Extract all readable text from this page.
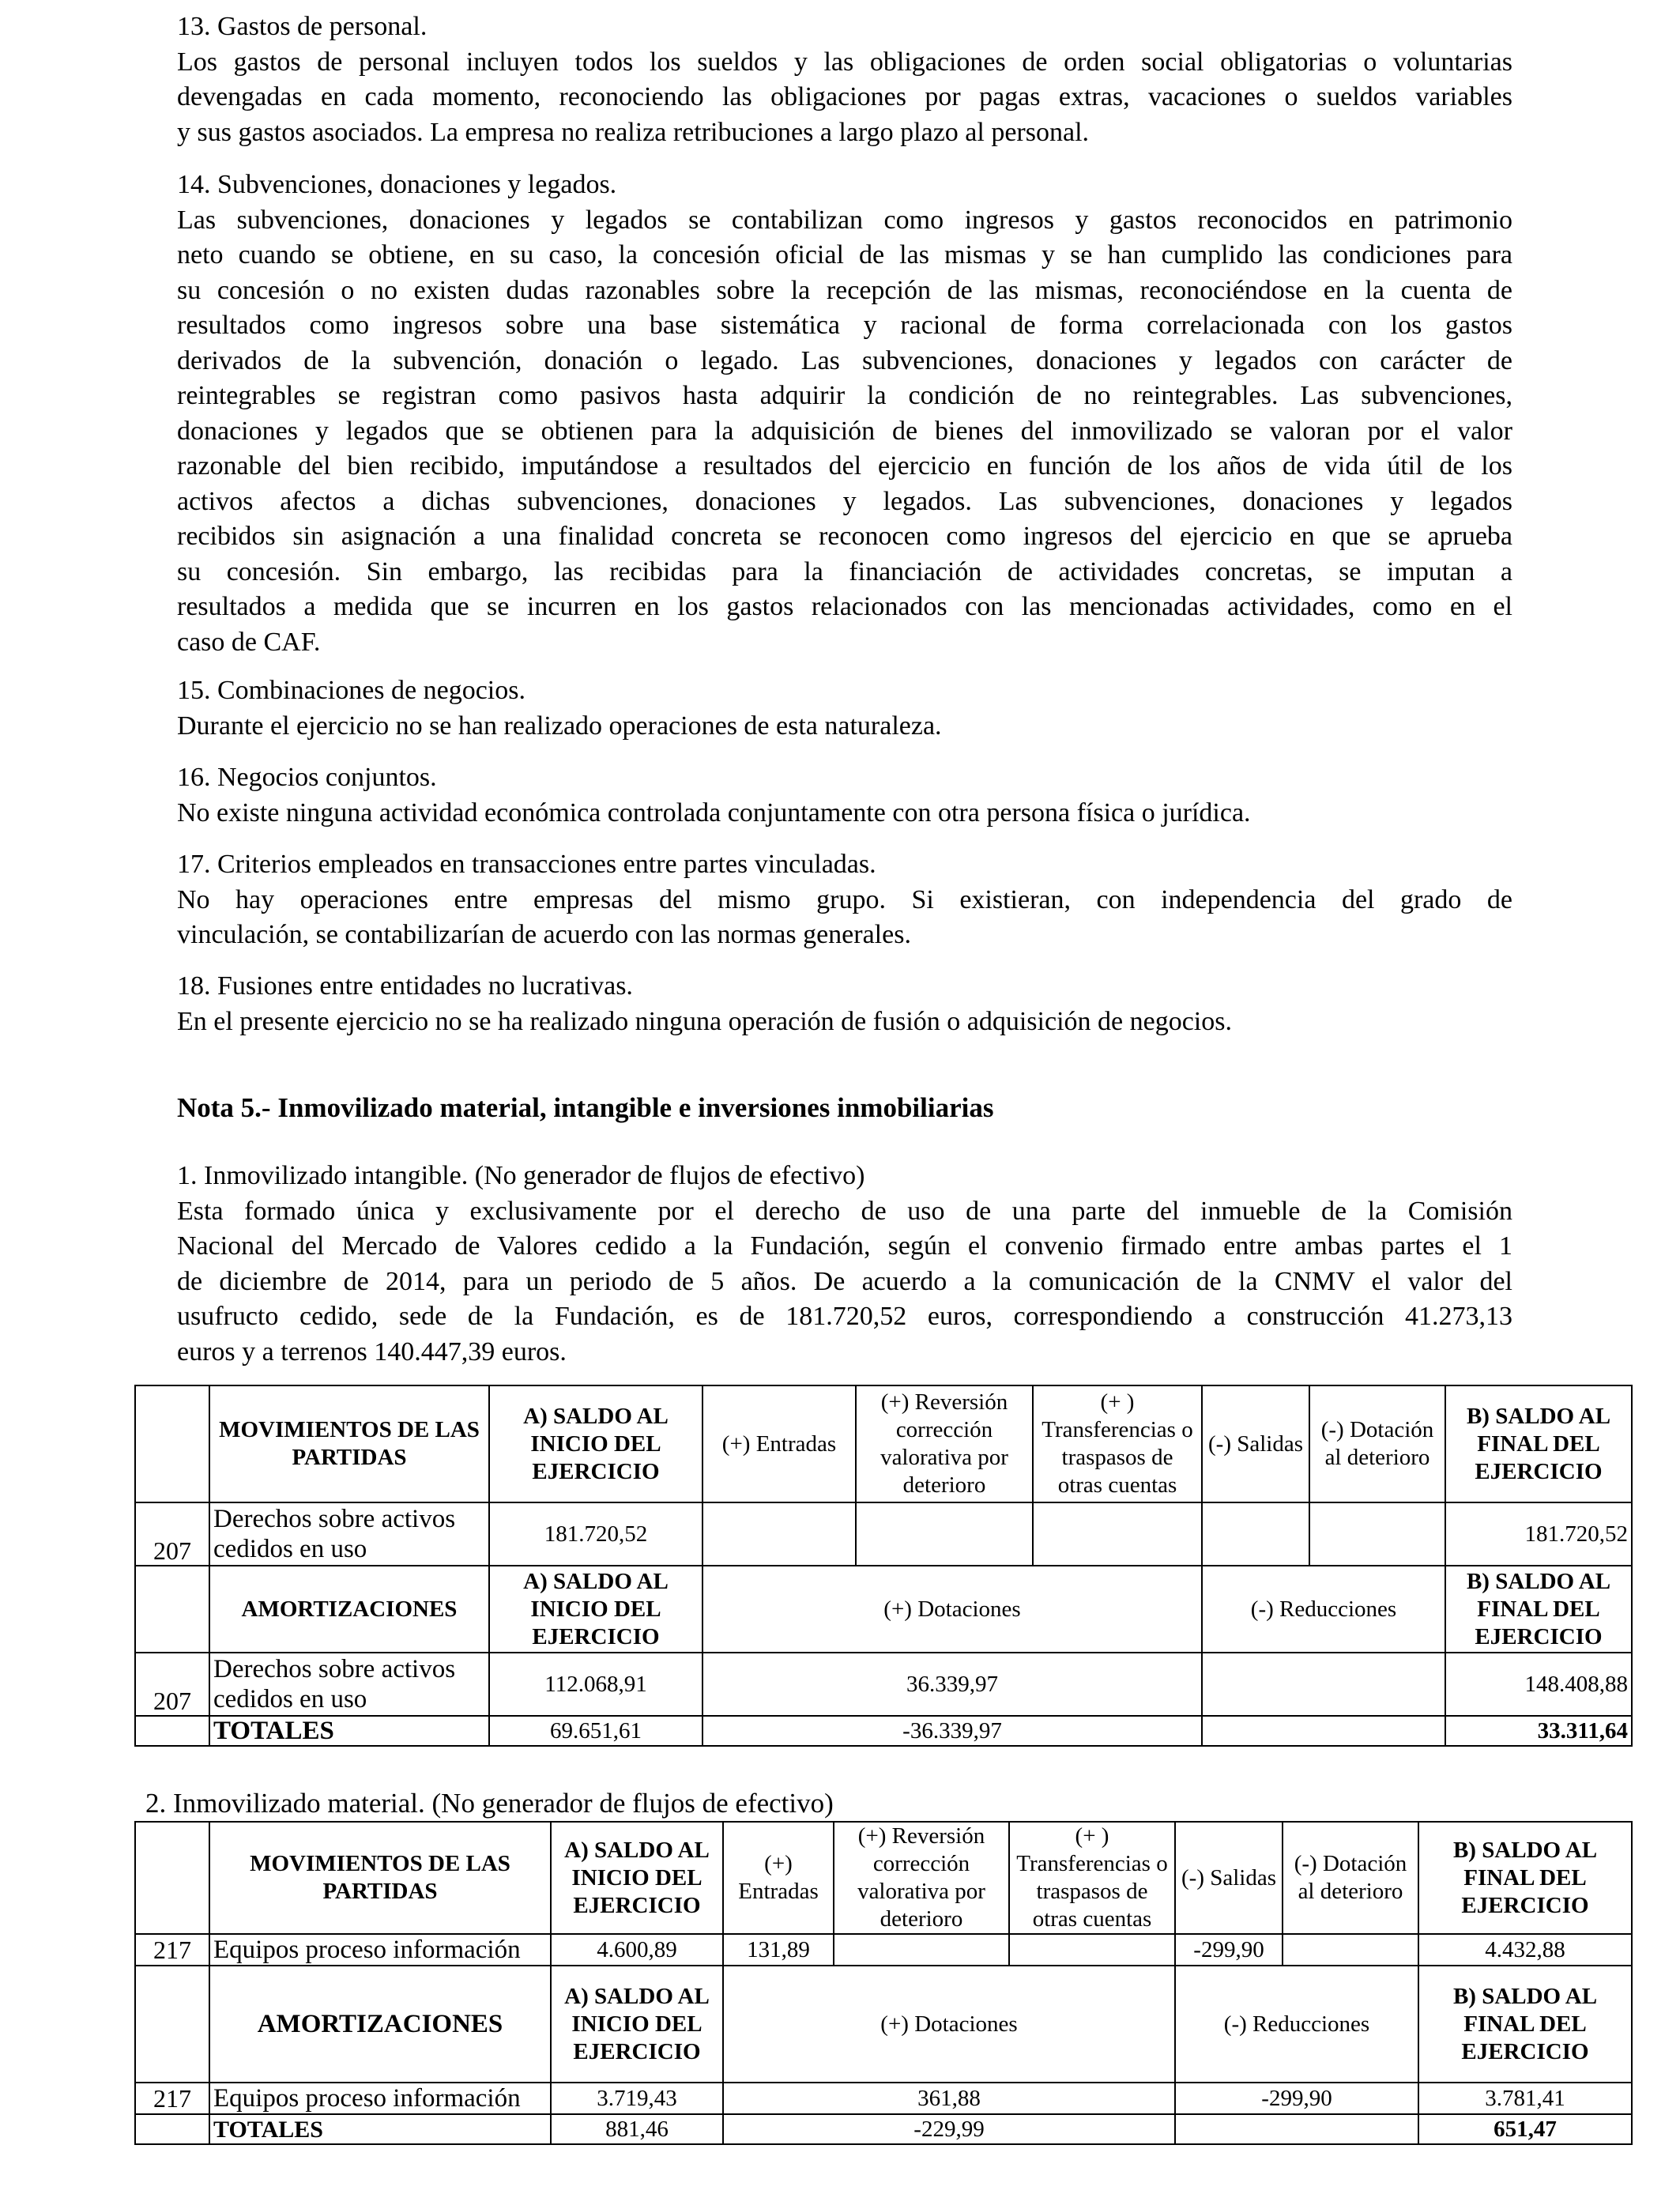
13. Gastos de personal.
Los gastos de personal incluyen todos los sueldos y las obligaciones de orden social obligatorias o voluntarias
devengadas en cada momento, reconociendo las obligaciones por pagas extras, vacaciones o sueldos variables
y sus gastos asociados. La empresa no realiza retribuciones a largo plazo al personal.
14. Subvenciones, donaciones y legados.
Las subvenciones, donaciones y legados se contabilizan como ingresos y gastos reconocidos en patrimonio
neto cuando se obtiene, en su caso, la concesión oficial de las mismas y se han cumplido las condiciones para
su concesión o no existen dudas razonables sobre la recepción de las mismas, reconociéndose en la cuenta de
resultados como ingresos sobre una base sistemática y racional de forma correlacionada con los gastos
derivados de la subvención, donación o legado. Las subvenciones, donaciones y legados con carácter de
reintegrables se registran como pasivos hasta adquirir la condición de no reintegrables. Las subvenciones,
donaciones y legados que se obtienen para la adquisición de bienes del inmovilizado se valoran por el valor
razonable del bien recibido, imputándose a resultados del ejercicio en función de los años de vida útil de los
activos afectos a dichas subvenciones, donaciones y legados. Las subvenciones, donaciones y legados
recibidos sin asignación a una finalidad concreta se reconocen como ingresos del ejercicio en que se aprueba
su concesión. Sin embargo, las recibidas para la financiación de actividades concretas, se imputan a
resultados a medida que se incurren en los gastos relacionados con las mencionadas actividades, como en el
caso de CAF.
15. Combinaciones de negocios.
Durante el ejercicio no se han realizado operaciones de esta naturaleza.
16. Negocios conjuntos.
No existe ninguna actividad económica controlada conjuntamente con otra persona física o jurídica.
17. Criterios empleados en transacciones entre partes vinculadas.
No hay operaciones entre empresas del mismo grupo. Si existieran, con independencia del grado de
vinculación, se contabilizarían de acuerdo con las normas generales.
18. Fusiones entre entidades no lucrativas.
En el presente ejercicio no se ha realizado ninguna operación de fusión o adquisición de negocios.
Nota 5.- Inmovilizado material, intangible e inversiones inmobiliarias
1. Inmovilizado intangible. (No generador de flujos de efectivo)
Esta formado única y exclusivamente por el derecho de uso de una parte del inmueble de la Comisión
Nacional del Mercado de Valores cedido a la Fundación, según el convenio firmado entre ambas partes el 1
de diciembre de 2014, para un periodo de 5 años. De acuerdo a la comunicación de la CNMV el valor del
usufructo cedido, sede de la Fundación, es de 181.720,52 euros, correspondiendo a construcción 41.273,13
euros y a terrenos 140.447,39 euros.
	MOVIMIENTOS DE LAS PARTIDAS	A) SALDO AL INICIO DEL EJERCICIO	(+) Entradas	(+) Reversión corrección valorativa por deterioro	(+ ) Transferencias o traspasos de otras cuentas	(-) Salidas	(-) Dotación al deterioro	B) SALDO AL FINAL DEL EJERCICIO
207	Derechos sobre activos cedidos en uso	181.720,52						181.720,52
	AMORTIZACIONES	A) SALDO AL INICIO DEL EJERCICIO	(+) Dotaciones			(-) Reducciones		B) SALDO AL FINAL DEL EJERCICIO
207	Derechos sobre activos cedidos en uso	112.068,91	36.339,97					148.408,88
	TOTALES	69.651,61	-36.339,97					33.311,64
2. Inmovilizado material. (No generador de flujos de efectivo)
	MOVIMIENTOS DE LAS PARTIDAS	A) SALDO AL INICIO DEL EJERCICIO	(+) Entradas	(+) Reversión corrección valorativa por deterioro	(+ ) Transferencias o traspasos de otras cuentas	(-) Salidas	(-) Dotación al deterioro	B) SALDO AL FINAL DEL EJERCICIO
217	Equipos proceso información	4.600,89	131,89			-299,90		4.432,88
	AMORTIZACIONES	A) SALDO AL INICIO DEL EJERCICIO	(+) Dotaciones			(-) Reducciones		B) SALDO AL FINAL DEL EJERCICIO
217	Equipos proceso información	3.719,43	361,88			-299,90		3.781,41
	TOTALES	881,46	-229,99					651,47
